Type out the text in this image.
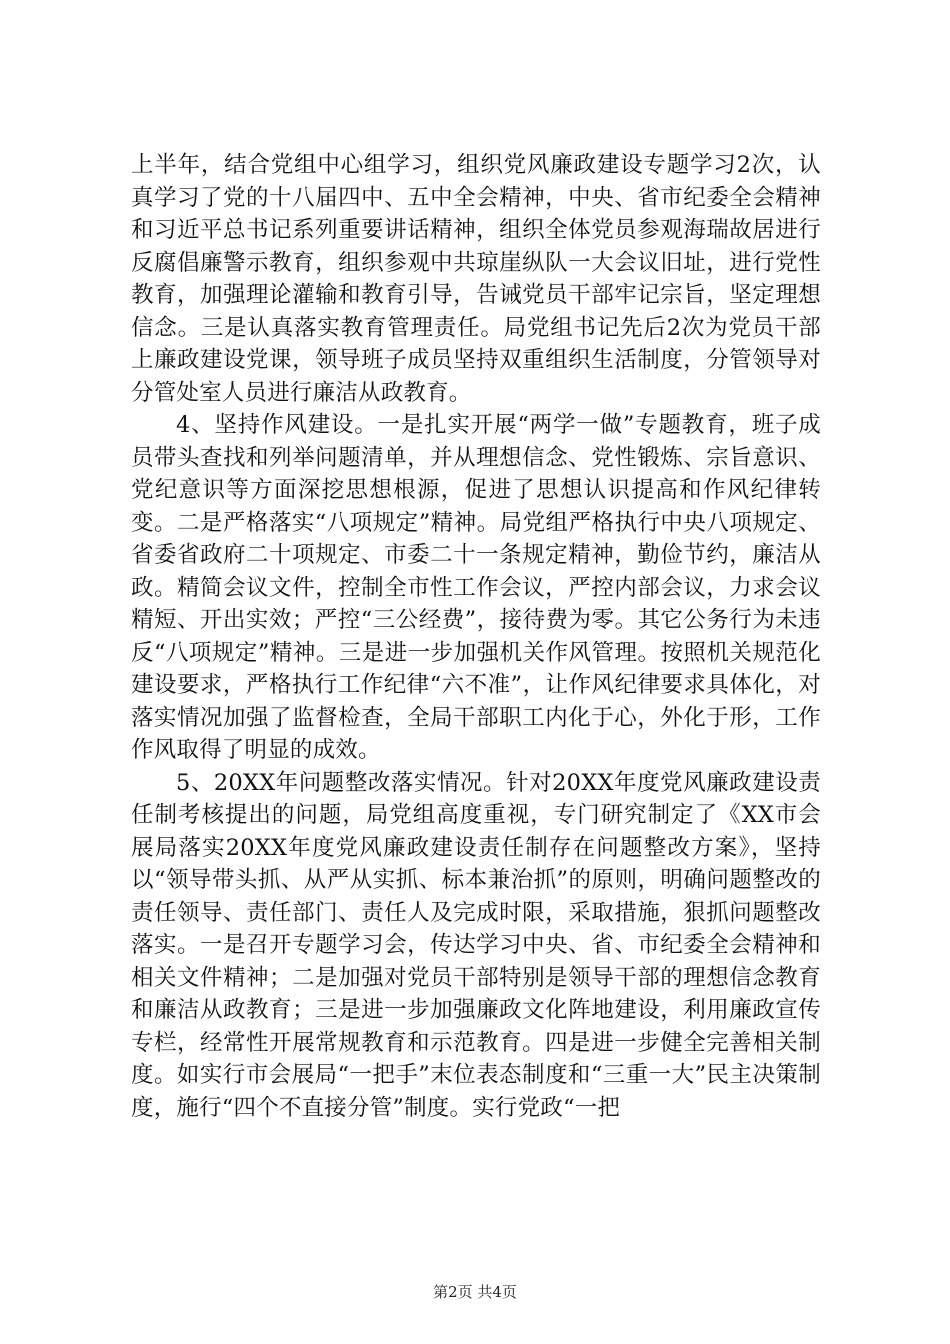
上半年，结合党组中心组学习，组织党风廉政建设专题学习2次，认真学习了党的十八届四中、五中全会精神，中央、省市纪委全会精神和习近平总书记系列重要讲话精神，组织全体党员参观海瑞故居进行反腐倡廉警示教育，组织参观中共琼崖纵队一大会议旧址，进行党性教育，加强理论灌输和教育引导，告诫党员干部牢记宗旨，坚定理想信念。三是认真落实教育管理责任。局党组书记先后2次为党员干部上廉政建设党课，领导班子成员坚持双重组织生活制度，分管领导对分管处室人员进行廉洁从政教育。

4、坚持作风建设。一是扎实开展“两学一做”专题教育，班子成员带头查找和列举问题清单，并从理想信念、党性锻炼、宗旨意识、党纪意识等方面深挖思想根源，促进了思想认识提高和作风纪律转变。二是严格落实“八项规定”精神。局党组严格执行中央八项规定、省委省政府二十项规定、市委二十一条规定精神，勤俭节约，廉洁从政。精简会议文件，控制全市性工作会议，严控内部会议，力求会议精短、开出实效；严控“三公经费”，接待费为零。其它公务行为未违反“八项规定”精神。三是进一步加强机关作风管理。按照机关规范化建设要求，严格执行工作纪律“六不准”，让作风纪律要求具体化，对落实情况加强了监督检查，全局干部职工内化于心，外化于形，工作作风取得了明显的成效。

5、20XX年问题整改落实情况。针对20XX年度党风廉政建设责任制考核提出的问题，局党组高度重视，专门研究制定了《XX市会展局落实20XX年度党风廉政建设责任制存在问题整改方案》，坚持以“领导带头抓、从严从实抓、标本兼治抓”的原则，明确问题整改的责任领导、责任部门、责任人及完成时限，采取措施，狠抓问题整改落实。一是召开专题学习会，传达学习中央、省、市纪委全会精神和相关文件精神；二是加强对党员干部特别是领导干部的理想信念教育和廉洁从政教育；三是进一步加强廉政文化阵地建设，利用廉政宣传专栏，经常性开展常规教育和示范教育。四是进一步健全完善相关制度。如实行市会展局“一把手”末位表态制度和“三重一大”民主决策制度，施行“四个不直接分管”制度。实行党政“一把

第2页 共4页
